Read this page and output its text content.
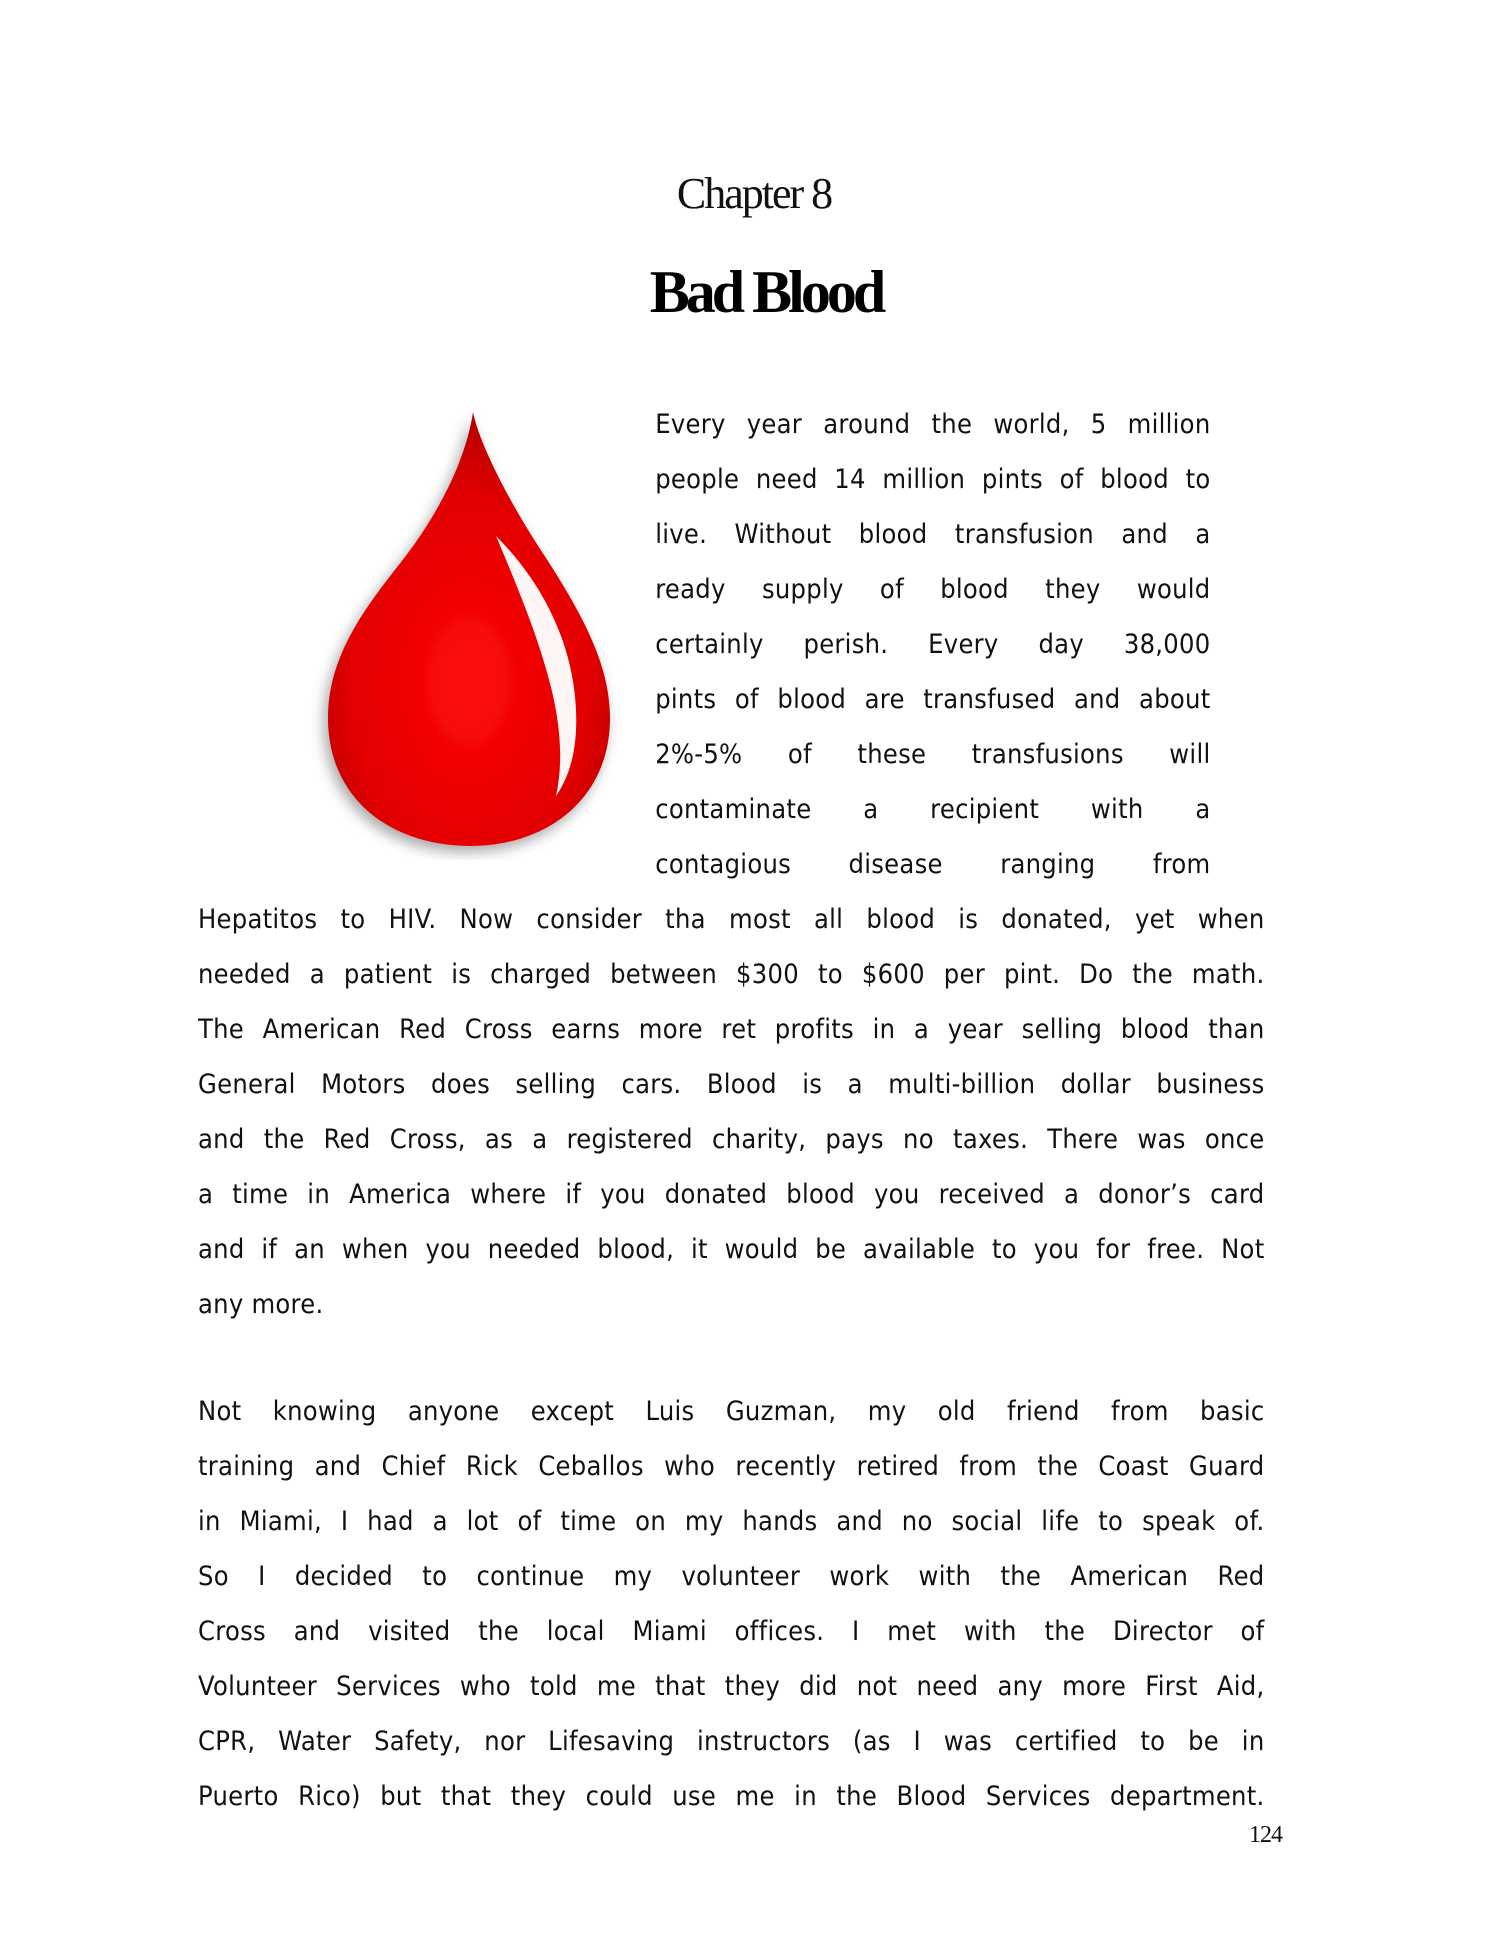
Chapter 8
Bad Blood
Every year around the world, 5 million
people need 14 million pints of blood to
live. Without blood transfusion and a
ready supply of blood they would
certainly perish. Every day 38,000
pints of blood are transfused and about
2%-5% of these transfusions will
contaminate a recipient with a
contagious disease ranging from
Hepatitos to HIV. Now consider tha most all blood is donated, yet when
needed a patient is charged between $300 to $600 per pint. Do the math.
The American Red Cross earns more ret profits in a year selling blood than
General Motors does selling cars. Blood is a multi-billion dollar business
and the Red Cross, as a registered charity, pays no taxes. There was once
a time in America where if you donated blood you received a donor’s card
and if an when you needed blood, it would be available to you for free. Not
any more.
Not knowing anyone except Luis Guzman, my old friend from basic
training and Chief Rick Ceballos who recently retired from the Coast Guard
in Miami, I had a lot of time on my hands and no social life to speak of.
So I decided to continue my volunteer work with the American Red
Cross and visited the local Miami offices. I met with the Director of
Volunteer Services who told me that they did not need any more First Aid,
CPR, Water Safety, nor Lifesaving instructors (as I was certified to be in
Puerto Rico) but that they could use me in the Blood Services department.
124
